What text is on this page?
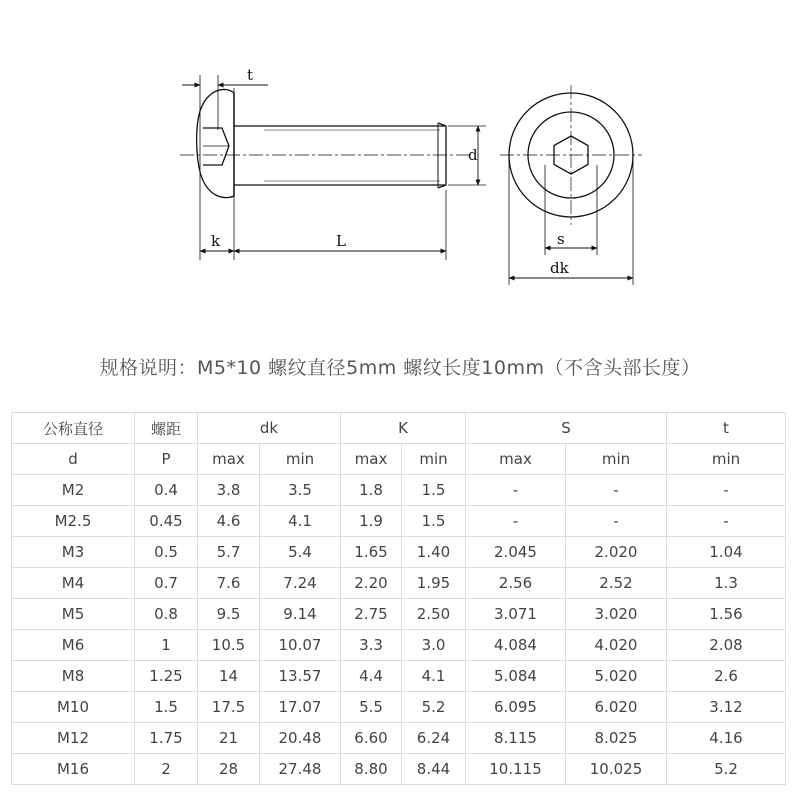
t
k	L
d
s
dk
规格说明：M5*10 螺纹直径5mm 螺纹长度10mm（不含头部长度）
公称直径	螺距	dk		K		S		t
d	P	max	min	max	min	max	min	min
M2	0.4	3.8	3.5	1.8	1.5	-	-	-
M2.5	0.45	4.6	4.1	1.9	1.5	-	-	-
M3	0.5	5.7	5.4	1.65	1.40	2.045	2.020	1.04
M4	0.7	7.6	7.24	2.20	1.95	2.56	2.52	1.3
M5	0.8	9.5	9.14	2.75	2.50	3.071	3.020	1.56
M6	1	10.5	10.07	3.3	3.0	4.084	4.020	2.08
M8	1.25	14	13.57	4.4	4.1	5.084	5.020	2.6
M10	1.5	17.5	17.07	5.5	5.2	6.095	6.020	3.12
M12	1.75	21	20.48	6.60	6.24	8.115	8.025	4.16
M16	2	28	27.48	8.80	8.44	10.115	10.025	5.2
